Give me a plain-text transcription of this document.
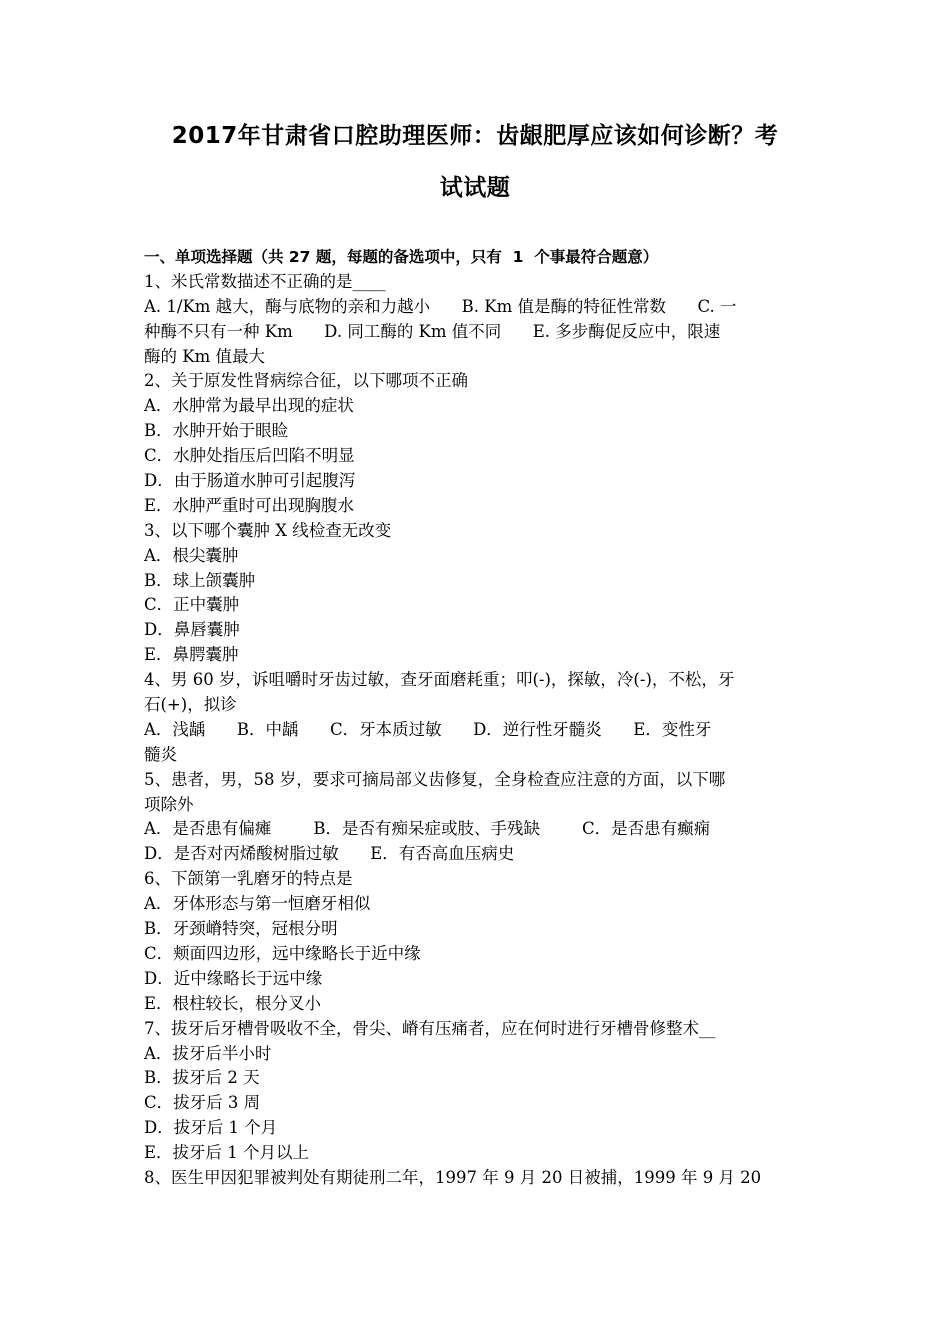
2017年甘肃省口腔助理医师：齿龈肥厚应该如何诊断？考
试试题
一、单项选择题（共 27 题，每题的备选项中，只有  1  个事最符合题意）
1、米氏常数描述不正确的是____
A. 1/Km 越大，酶与底物的亲和力越小      B. Km 值是酶的特征性常数      C. 一
种酶不只有一种 Km      D. 同工酶的 Km 值不同      E. 多步酶促反应中，限速
酶的 Km 值最大
2、关于原发性肾病综合征，以下哪项不正确
A．水肿常为最早出现的症状
B．水肿开始于眼睑
C．水肿处指压后凹陷不明显
D．由于肠道水肿可引起腹泻
E．水肿严重时可出现胸腹水
3、以下哪个囊肿 X 线检查无改变
A．根尖囊肿
B．球上颌囊肿
C．正中囊肿
D．鼻唇囊肿
E．鼻腭囊肿
4、男 60 岁，诉咀嚼时牙齿过敏，查牙面磨耗重；叩(-)，探敏，冷(-)，不松，牙
石(+)，拟诊
A．浅龋      B．中龋      C．牙本质过敏      D．逆行性牙髓炎      E．变性牙
髓炎
5、患者，男，58 岁，要求可摘局部义齿修复，全身检查应注意的方面，以下哪
项除外
A．是否患有偏瘫        B．是否有痴呆症或肢、手残缺        C．是否患有癫痫
D．是否对丙烯酸树脂过敏      E．有否高血压病史
6、下颌第一乳磨牙的特点是
A．牙体形态与第一恒磨牙相似
B．牙颈嵴特突，冠根分明
C．颊面四边形，远中缘略长于近中缘
D．近中缘略长于远中缘
E．根柱较长，根分叉小
7、拔牙后牙槽骨吸收不全，骨尖、嵴有压痛者，应在何时进行牙槽骨修整术__
A．拔牙后半小时
B．拔牙后 2 天
C．拔牙后 3 周
D．拔牙后 1 个月
E．拔牙后 1 个月以上
8、医生甲因犯罪被判处有期徒刑二年，1997 年 9 月 20 日被捕，1999 年 9 月 20
